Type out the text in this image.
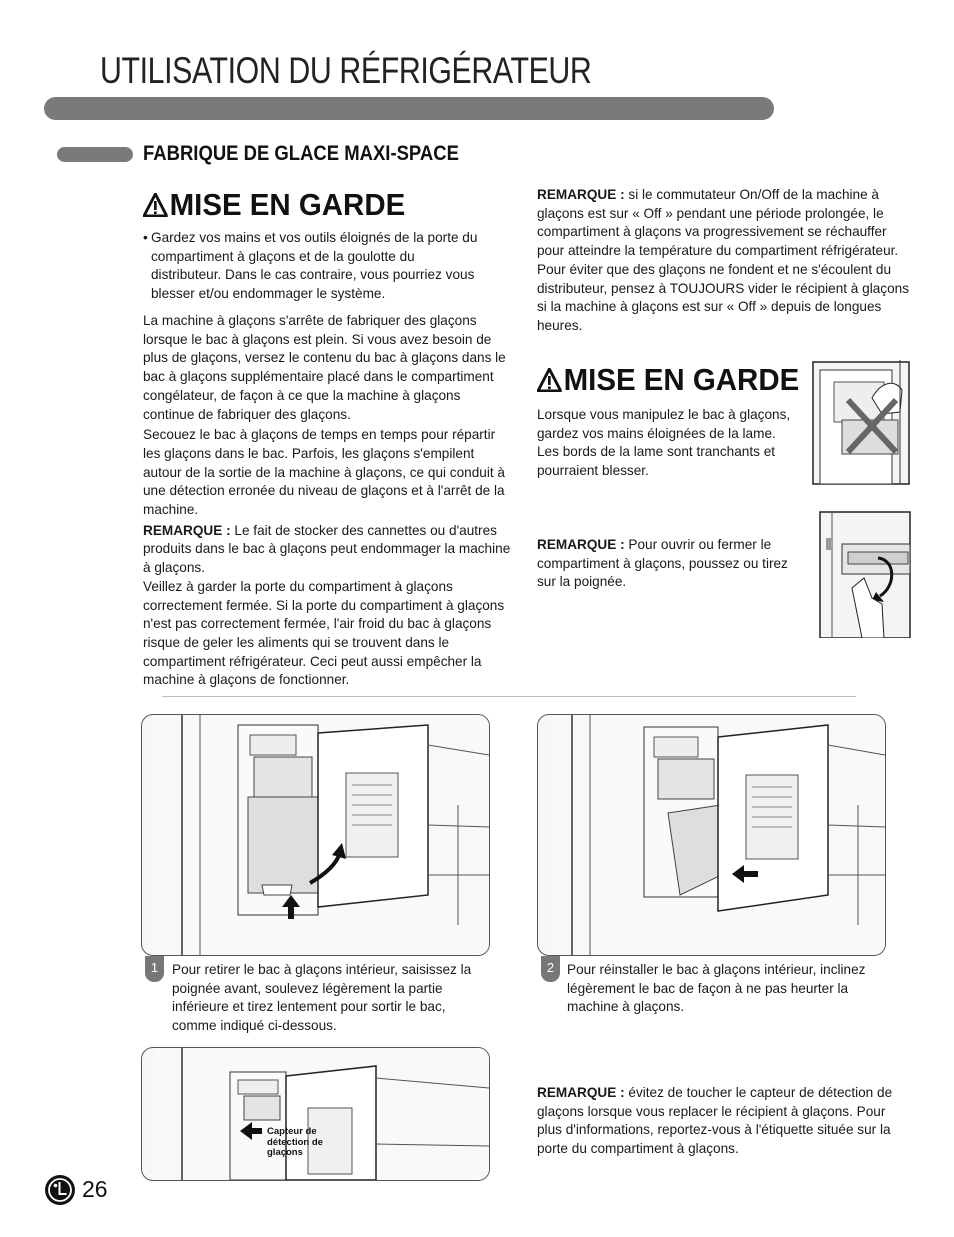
UTILISATION DU RÉFRIGÉRATEUR
FABRIQUE DE GLACE MAXI-SPACE
MISE EN GARDE
• Gardez vos mains et vos outils éloignés de la porte du compartiment à glaçons et de la goulotte du distributeur. Dans le cas contraire, vous pourriez vous blesser et/ou endommager le système.

La machine à glaçons s'arrête de fabriquer des glaçons lorsque le bac à glaçons est plein. Si vous avez besoin de plus de glaçons, versez le contenu du bac à glaçons dans le bac à glaçons supplémentaire placé dans le compartiment congélateur, de façon à ce que la machine à glaçons continue de fabriquer des glaçons.

Secouez le bac à glaçons de temps en temps pour répartir les glaçons dans le bac. Parfois, les glaçons s'empilent autour de la sortie de la machine à glaçons, ce qui conduit à une détection erronée du niveau de glaçons et à l'arrêt de la machine.

REMARQUE : Le fait de stocker des cannettes ou d'autres produits dans le bac à glaçons peut endommager la machine à glaçons.

Veillez à garder la porte du compartiment à glaçons correctement fermée. Si la porte du compartiment à glaçons n'est pas correctement fermée, l'air froid du bac à glaçons risque de geler les aliments qui se trouvent dans le compartiment réfrigérateur. Ceci peut aussi empêcher la machine à glaçons de fonctionner.

REMARQUE : si le commutateur On/Off de la machine à glaçons est sur « Off » pendant une période prolongée, le compartiment à glaçons va progressivement se réchauffer pour atteindre la température du compartiment réfrigérateur. Pour éviter que des glaçons ne fondent et ne s'écoulent du distributeur, pensez à TOUJOURS vider le récipient à glaçons si la machine à glaçons est sur « Off » depuis de longues heures.
MISE EN GARDE
Lorsque vous manipulez le bac à glaçons, gardez vos mains éloignées de la lame. Les bords de la lame sont tranchants et pourraient blesser.
REMARQUE : Pour ouvrir ou fermer le compartiment à glaçons, poussez ou tirez sur la poignée.
1	Pour retirer le bac à glaçons intérieur, saisissez la poignée avant, soulevez légèrement la partie inférieure et tirez lentement pour sortir le bac, comme indiqué ci-dessous.
2 Pour réinstaller le bac à glaçons intérieur, inclinez légèrement le bac de façon à ne pas heurter la machine à glaçons.
Capteur de détection de glaçons
REMARQUE : évitez de toucher le capteur de détection de glaçons lorsque vous replacer le récipient à glaçons. Pour plus d'informations, reportez-vous à l'étiquette située sur la porte du compartiment à glaçons.
26
